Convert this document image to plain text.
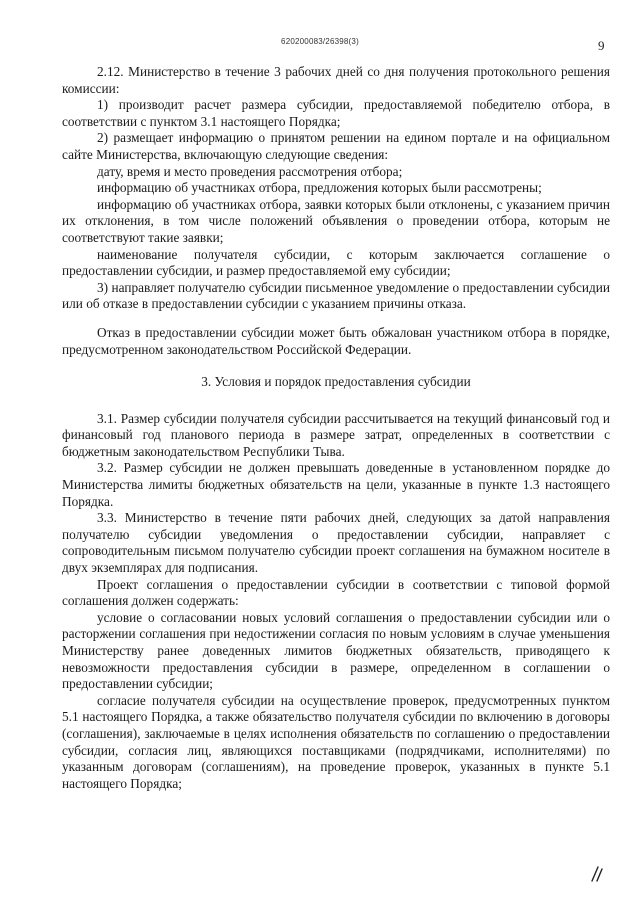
620200083/26398(3)	9

2.12. Министерство в течение 3 рабочих дней со дня получения протокольного решения комиссии:

1) производит расчет размера субсидии, предоставляемой победителю отбора, в соответствии с пунктом 3.1 настоящего Порядка;

2) размещает информацию о принятом решении на едином портале и на официальном сайте Министерства, включающую следующие сведения:

дату, время и место проведения рассмотрения отбора;

информацию об участниках отбора, предложения которых были рассмотрены;

информацию об участниках отбора, заявки которых были отклонены, с указанием причин их отклонения, в том числе положений объявления о проведении отбора, которым не соответствуют такие заявки;

наименование получателя субсидии, с которым заключается соглашение о предоставлении субсидии, и размер предоставляемой ему субсидии;

3) направляет получателю субсидии письменное уведомление о предоставлении субсидии или об отказе в предоставлении субсидии с указанием причины отказа.

Отказ в предоставлении субсидии может быть обжалован участником отбора в порядке, предусмотренном законодательством Российской Федерации.

3. Условия и порядок предоставления субсидии

3.1. Размер субсидии получателя субсидии рассчитывается на текущий финансовый год и финансовый год планового периода в размере затрат, определенных в соответствии с бюджетным законодательством Республики Тыва.

3.2. Размер субсидии не должен превышать доведенные в установленном порядке до Министерства лимиты бюджетных обязательств на цели, указанные в пункте 1.3 настоящего Порядка.

3.3. Министерство в течение пяти рабочих дней, следующих за датой направления получателю субсидии уведомления о предоставлении субсидии, направляет с сопроводительным письмом получателю субсидии проект соглашения на бумажном носителе в двух экземплярах для подписания.

Проект соглашения о предоставлении субсидии в соответствии с типовой формой соглашения должен содержать:

условие о согласовании новых условий соглашения о предоставлении субсидии или о расторжении соглашения при недостижении согласия по новым условиям в случае уменьшения Министерству ранее доведенных лимитов бюджетных обязательств, приводящего к невозможности предоставления субсидии в размере, определенном в соглашении о предоставлении субсидии;

согласие получателя субсидии на осуществление проверок, предусмотренных пунктом 5.1 настоящего Порядка, а также обязательство получателя субсидии по включению в договоры (соглашения), заключаемые в целях исполнения обязательств по соглашению о предоставлении субсидии, согласия лиц, являющихся поставщиками (подрядчиками, исполнителями) по указанным договорам (соглашениям), на проведение проверок, указанных в пункте 5.1 настоящего Порядка;
